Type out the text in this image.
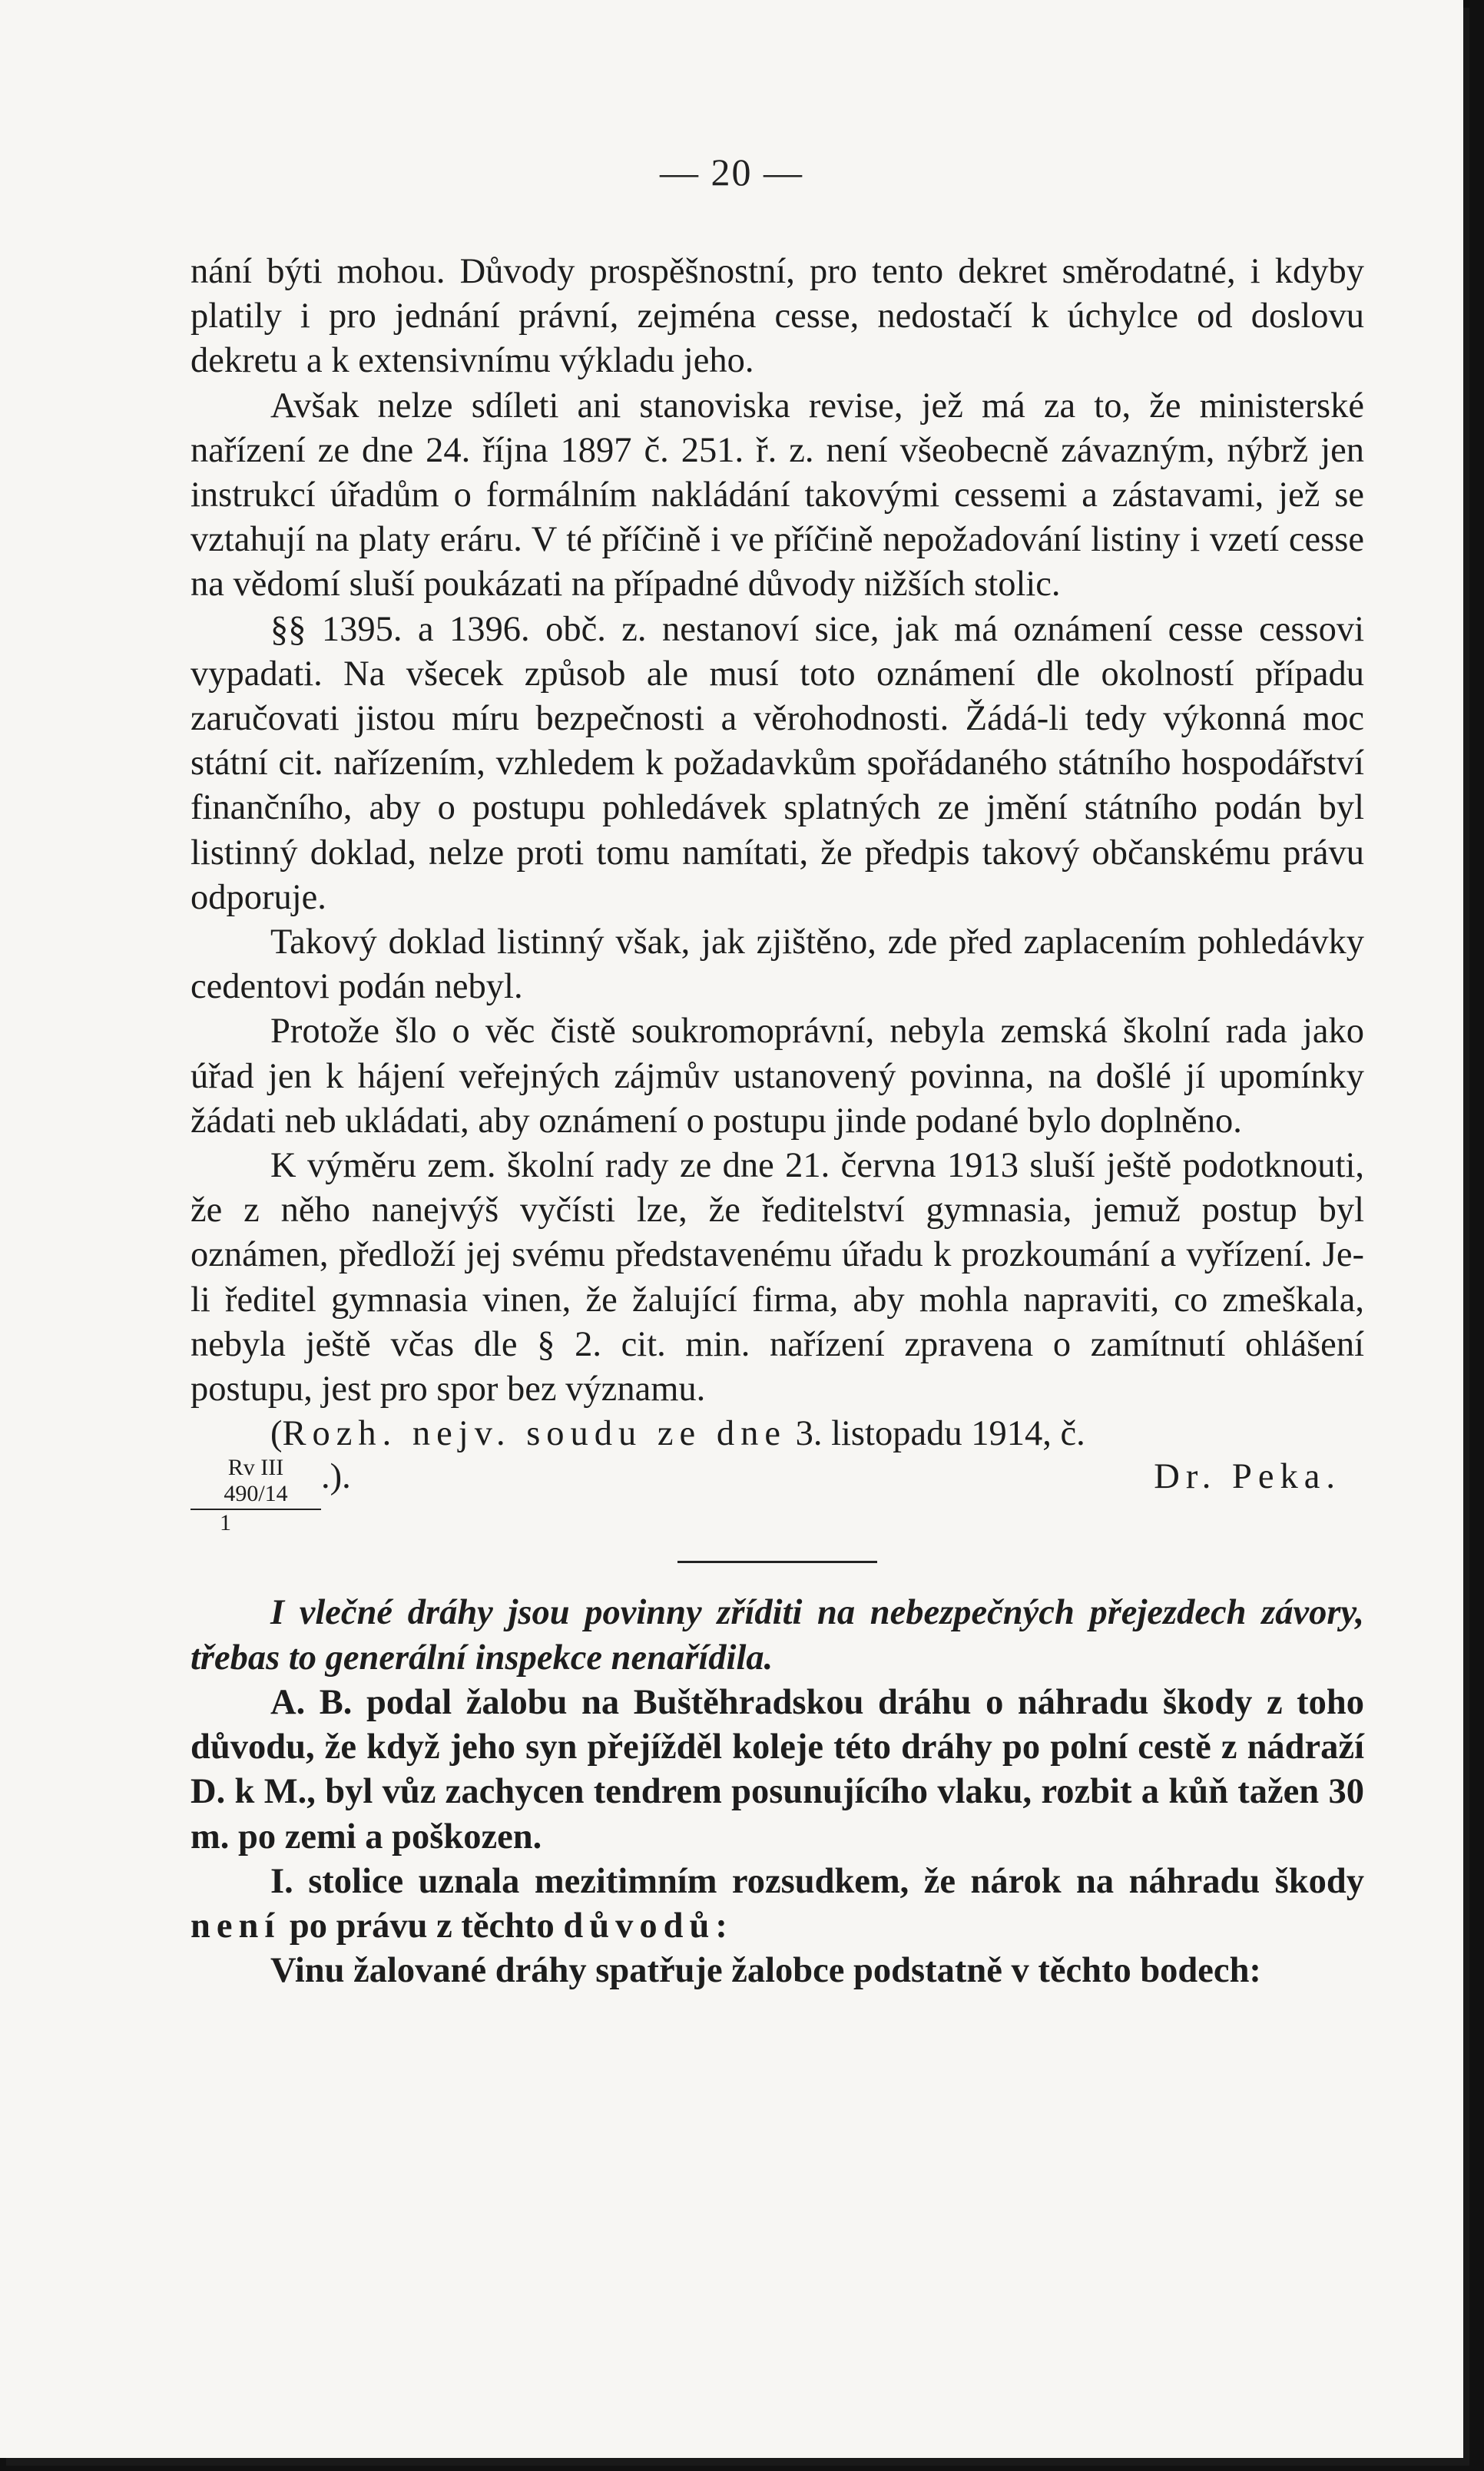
— 20 —

nání býti mohou. Důvody prospěšnostní, pro tento dekret směrodatné, i kdyby platily i pro jednání právní, zejména cesse, nedostačí k úchylce od doslovu dekretu a k extensivnímu výkladu jeho.

Avšak nelze sdíleti ani stanoviska revise, jež má za to, že ministerské nařízení ze dne 24. října 1897 č. 251. ř. z. není všeobecně závazným, nýbrž jen instrukcí úřadům o formálním nakládání takovými cessemi a zástavami, jež se vztahují na platy eráru. V té příčině i ve příčině nepožadování listiny i vzetí cesse na vědomí sluší poukázati na případné důvody nižších stolic.

§§ 1395. a 1396. obč. z. nestanoví sice, jak má oznámení cesse cessovi vypadati. Na všecek způsob ale musí toto oznámení dle okolností případu zaručovati jistou míru bezpečnosti a věrohodnosti. Žádá-li tedy výkonná moc státní cit. nařízením, vzhledem k požadavkům spořádaného státního hospodářství finančního, aby o postupu pohledávek splatných ze jmění státního podán byl listinný doklad, nelze proti tomu namítati, že předpis takový občanskému právu odporuje.

Takový doklad listinný však, jak zjištěno, zde před zaplacením pohledávky cedentovi podán nebyl.

Protože šlo o věc čistě soukromoprávní, nebyla zemská školní rada jako úřad jen k hájení veřejných zájmův ustanovený povinna, na došlé jí upomínky žádati neb ukládati, aby oznámení o postupu jinde podané bylo doplněno.

K výměru zem. školní rady ze dne 21. června 1913 sluší ještě podotknouti, že z něho nanejvýš vyčísti lze, že ředitelství gymnasia, jemuž postup byl oznámen, předloží jej svému představenému úřadu k prozkoumání a vyřízení. Je-li ředitel gymnasia vinen, že žalující firma, aby mohla napraviti, co zmeškala, nebyla ještě včas dle § 2. cit. min. nařízení zpravena o zamítnutí ohlášení postupu, jest pro spor bez významu.

(Rozh. nejv. soudu ze dne 3. listopadu 1914, č.

$\frac{\text{Rv III 490/14}}{1}$ .).	Dr. Peka.

I vlečné dráhy jsou povinny zříditi na nebezpečných přejezdech závory, třebas to generální inspekce nenařídila.

A. B. podal žalobu na Buštěhradskou dráhu o náhradu škody z toho důvodu, že když jeho syn přejížděl koleje této dráhy po polní cestě z nádraží D. k M., byl vůz zachycen tendrem posunujícího vlaku, rozbit a kůň tažen 30 m. po zemi a poškozen.

I. stolice uznala mezitimním rozsudkem, že nárok na náhradu škody není po právu z těchto důvodů:

Vinu žalované dráhy spatřuje žalobce podstatně v těchto bodech:
